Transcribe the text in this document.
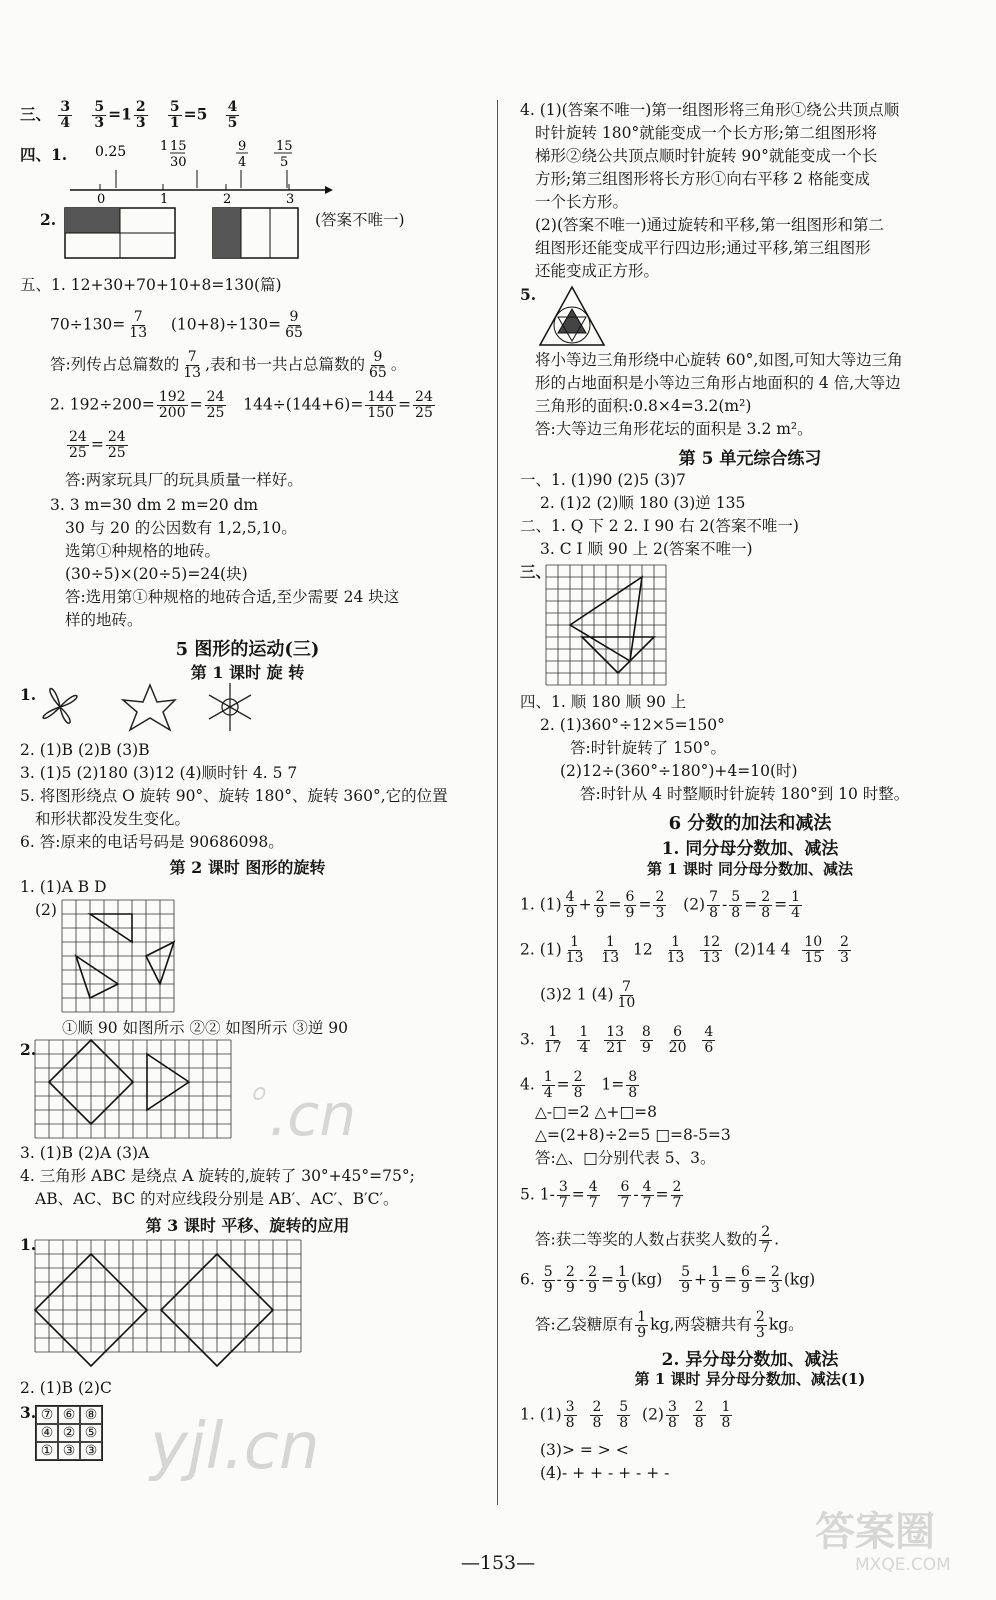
三、 $\frac{3}{4}$
$\frac{5}{3} =1 \frac{2}{3}$
$\frac{5}{1} =5 \frac{4}{5}$
四、1. 0.25	1 15
30
9
4
15
5
0	1	2	3
2.	(答案不唯一)
五、1. 12+30+70+10+8=130(篇)
$70\div 130= \frac{7}{13} (10+8)\div 130= \frac{9}{65}$
答:列传占总篇数的 $\frac{7}{13}$ ,表和书一共占总篇数的 $\frac{9}{65}$ 。
2. $192\div 200= \frac{192}{200} = \frac{24}{25} 144\div(144+6)= \frac{144}{150} = \frac{24}{25}$
$\frac{24}{25} = \frac{24}{25}$
答:两家玩具厂的玩具质量一样好。
3. 3 m=30 dm 2 m=20 dm
30 与 20 的公因数有 1,2,5,10。
选第①种规格的地砖。
(30÷5)×(20÷5)=24(块)
答:选用第①种规格的地砖合适,至少需要 24 块这
样的地砖。
5 图形的运动(三)
第 1 课时 旋 转
1.
2. (1)B (2)B (3)B
3. (1)5 (2)180 (3)12 (4)顺时针 4. 5 7
5. 将图形绕点 O 旋转 90°、旋转 180°、旋转 360°,它的位置
和形状都没发生变化。
6. 答:原来的电话号码是 90686098。
第 2 课时 图形的旋转
1. (1)A B D
(2)
①顺 90 如图所示 ②② 如图所示 ③逆 90
2.
3. (1)B (2)A (3)A
4. 三角形 ABC 是绕点 A 旋转的,旋转了 30°+45°=75°;
AB、AC、BC 的对应线段分别是 AB′、AC′、B′C′。
第 3 课时 平移、旋转的应用
1.
2. (1)B (2)C
3. ⑦ ⑥ ⑧
④ ② ⑤
① ③ ③
4. (1)(答案不唯一)第一组图形将三角形①绕公共顶点顺
时针旋转 180°就能变成一个长方形;第二组图形将
梯形②绕公共顶点顺时针旋转 90°就能变成一个长
方形;第三组图形将长方形①向右平移 2 格能变成
一个长方形。
(2)(答案不唯一)通过旋转和平移,第一组图形和第二
组图形还能变成平行四边形;通过平移,第三组图形
还能变成正方形。
5.
将小等边三角形绕中心旋转 60°,如图,可知大等边三角
形的占地面积是小等边三角形占地面积的 4 倍,大等边
三角形的面积:0.8×4=3.2(m²)
答:大等边三角形花坛的面积是 3.2 m²。
第 5 单元综合练习
一、1. (1)90 (2)5 (3)7
2. (1)2 (2)顺 180 (3)逆 135
二、1. Q 下 2 2. I 90 右 2(答案不唯一)
3. C I 顺 90 上 2(答案不唯一)
三、
四、1. 顺 180 顺 90 上
2. (1)360°÷12×5=150°
答:时针旋转了 150°。
(2)12÷(360°÷180°)+4=10(时)
答:时针从 4 时整顺时针旋转 180°到 10 时整。
6 分数的加法和减法
1. 同分母分数加、减法
第 1 课时 同分母分数加、减法
1. $(1) \frac{4}{9} + \frac{2}{9} = \frac{6}{9} = \frac{2}{3} (2) \frac{7}{8} - \frac{5}{8} = \frac{2}{8} = \frac{1}{4}$
2. $(1) \frac{1}{13}$
$\frac{1}{13} 12 \frac{1}{13}$
$\frac{12}{13} (2)14$ $4 \frac{10}{15}$
$\frac{2}{3}$
(3)2 1 $(4) \frac{7}{10}$
3. $\frac{1}{17}$
$\frac{1}{4}$
$\frac{13}{21}$
$\frac{8}{9}$
$\frac{6}{20}$
$\frac{4}{6}$
4. $\frac{1}{4} = \frac{2}{8} 1= \frac{8}{8}$
△-□=2 △+□=8
△=(2+8)÷2=5 □=8-5=3
答:△、□分别代表 5、3。
5. $1- \frac{3}{7} = \frac{4}{7}$
$\frac{6}{7} - \frac{4}{7} = \frac{2}{7}$
答:获二等奖的人数占获奖人数的 $\frac{2}{7}$ .
6. $\frac{5}{9} - \frac{2}{9} - \frac{2}{9} = \frac{1}{9} (kg) \frac{5}{9} + \frac{1}{9} = \frac{6}{9} = \frac{2}{3} (kg)$
答:乙袋糖原有 $\frac{1}{9}$ kg,两袋糖共有 $\frac{2}{3}$ kg。
2. 异分母分数加、减法
第 1 课时 异分母分数加、减法(1)
1. $(1) \frac{3}{8}$
$\frac{2}{8}$
$\frac{5}{8} (2) \frac{3}{8}$
$\frac{2}{8}$
$\frac{1}{8}$
(3)> = > <
(4)- + + - + - + -
—153—
ﾟ.cn
yjl.cn
答案圈
MXQE.COM
